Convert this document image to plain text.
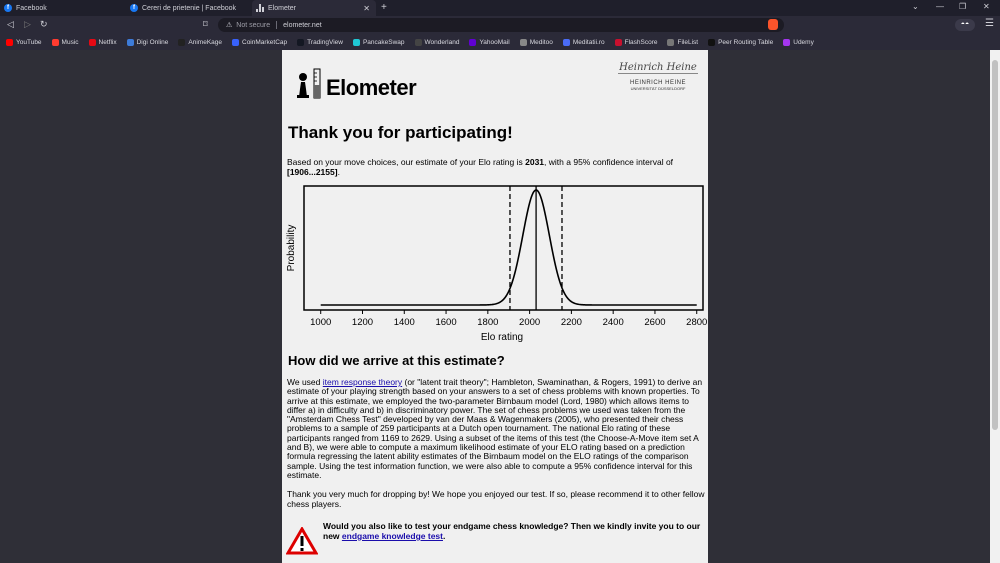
f	Facebook	f	Cereri de prietenie | Facebook	Elometer	✕ +	⌄ — ❐ ✕
◁ ▷ ↻	⌑	⚠ Not secure elometer.net	◓◓	☰
YouTube	Music	Netflix	Digi Online	AnimeKage	CoinMarketCap	TradingView	PancakeSwap	Wonderland	YahooMail	Meditoo	Meditatii.ro	FlashScore	FileList	Peer Routing Table	Udemy
Elometer
Heinrich Heine
HEINRICH HEINE
UNIVERSITÄT DÜSSELDORF
Thank you for participating!
Based on your move choices, our estimate of your Elo rating is 2031, with a 95% confidence interval of [1906...2155].
1000 1200 1400 1600 1800 2000 2200 2400 2600 2800
Elo rating
Probability
How did we arrive at this estimate?
We used item response theory (or "latent trait theory"; Hambleton, Swaminathan, & Rogers, 1991) to derive an estimate of your playing strength based on your answers to a set of chess problems with known properties. To arrive at this estimate, we employed the two-parameter Birnbaum model (Lord, 1980) which allows items to differ a) in difficulty and b) in discriminatory power. The set of chess problems we used was taken from the "Amsterdam Chess Test" developed by van der Maas & Wagenmakers (2005), who presented their chess problems to a sample of 259 participants at a Dutch open tournament. The national Elo rating of these participants ranged from 1169 to 2629. Using a subset of the items of this test (the Choose-A-Move item set A and B), we were able to compute a maximum likelihood estimate of your ELO rating based on a prediction formula regressing the latent ability estimates of the Birnbaum model on the ELO ratings of the comparison sample. Using the test information function, we were also able to compute a 95% confidence interval for this estimate.
Thank you very much for dropping by! We hope you enjoyed our test. If so, please recommend it to other fellow chess players.
Would you also like to test your endgame chess knowledge? Then we kindly invite you to our new endgame knowledge test.
